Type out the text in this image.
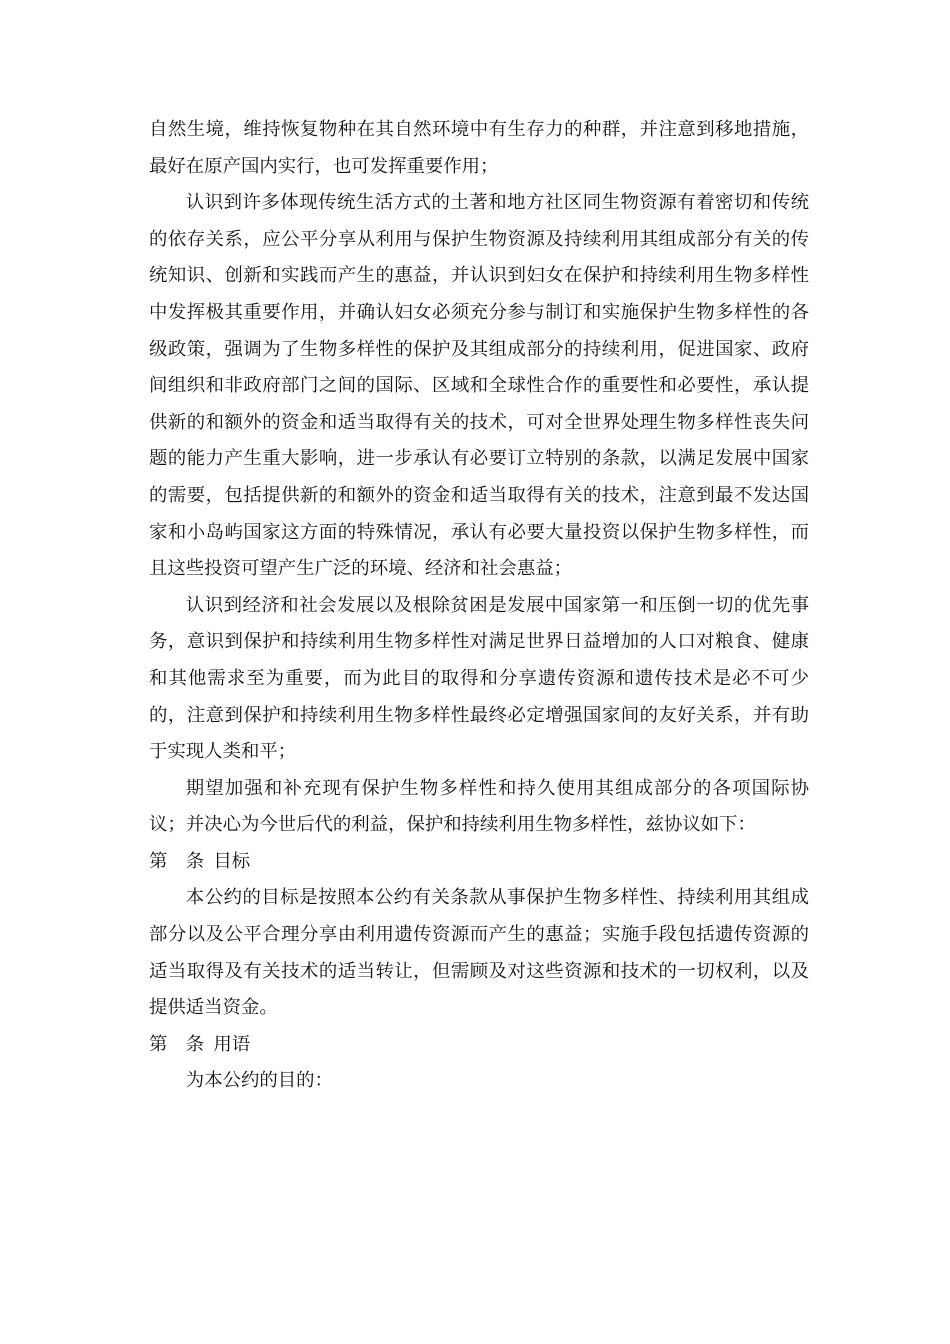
自然生境，维持恢复物种在其自然环境中有生存力的种群，并注意到移地措施，最好在原产国内实行，也可发挥重要作用；

认识到许多体现传统生活方式的土著和地方社区同生物资源有着密切和传统的依存关系，应公平分享从利用与保护生物资源及持续利用其组成部分有关的传统知识、创新和实践而产生的惠益，并认识到妇女在保护和持续利用生物多样性中发挥极其重要作用，并确认妇女必须充分参与制订和实施保护生物多样性的各级政策，强调为了生物多样性的保护及其组成部分的持续利用，促进国家、政府间组织和非政府部门之间的国际、区域和全球性合作的重要性和必要性，承认提供新的和额外的资金和适当取得有关的技术，可对全世界处理生物多样性丧失问题的能力产生重大影响，进一步承认有必要订立特别的条款，以满足发展中国家的需要，包括提供新的和额外的资金和适当取得有关的技术，注意到最不发达国家和小岛屿国家这方面的特殊情况，承认有必要大量投资以保护生物多样性，而且这些投资可望产生广泛的环境、经济和社会惠益；

认识到经济和社会发展以及根除贫困是发展中国家第一和压倒一切的优先事务，意识到保护和持续利用生物多样性对满足世界日益增加的人口对粮食、健康和其他需求至为重要，而为此目的取得和分享遗传资源和遗传技术是必不可少的，注意到保护和持续利用生物多样性最终必定增强国家间的友好关系，并有助于实现人类和平；

期望加强和补充现有保护生物多样性和持久使用其组成部分的各项国际协议；并决心为今世后代的利益，保护和持续利用生物多样性，兹协议如下：

第 条 目标

本公约的目标是按照本公约有关条款从事保护生物多样性、持续利用其组成部分以及公平合理分享由利用遗传资源而产生的惠益；实施手段包括遗传资源的适当取得及有关技术的适当转让，但需顾及对这些资源和技术的一切权利，以及提供适当资金。

第 条 用语

为本公约的目的：
